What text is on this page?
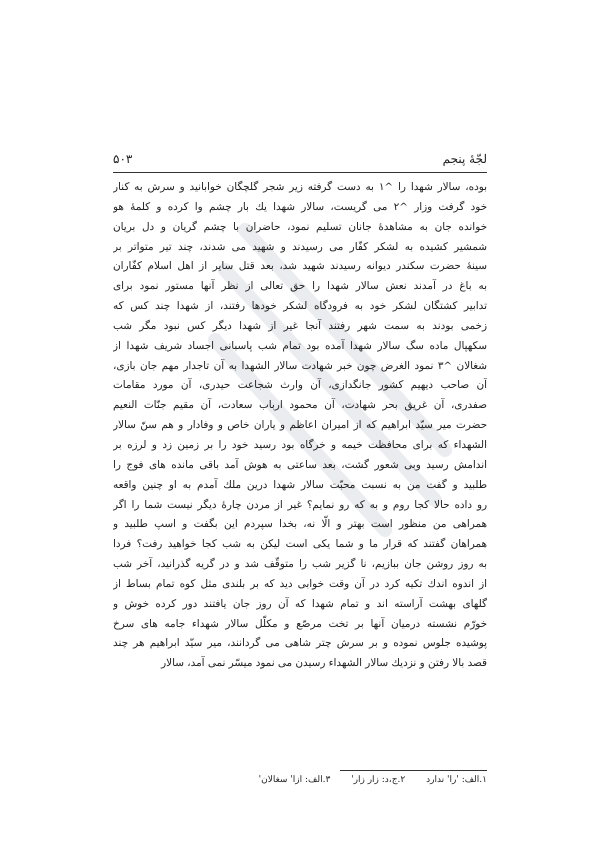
لجّهٔ پنجم
۵۰۳
بوده، سالار شهدا را ^١ به دست گرفته زیر شجر گلچگان خوابانید و سرش به کنار
خود گرفت وزار ^٢ می گریست، سالار شهدا یك بار چشم وا کرده و کلمهٔ هو
خوانده جان به مشاهدهٔ جانان تسلیم نمود، حاضران با چشم گریان و دل بریان
شمشیر کشیده به لشکر کفّار می رسیدند و شهید می شدند، چند تیر متواتر بر
سینهٔ حضرت سکندر دیوانه رسیدند شهید شد، بعد قتل سایر از اهل اسلام کفّاران
به باغ در آمدند نعش سالار شهدا را حق تعالی از نظر آنها مستور نمود برای
تدابیر کشتگان لشکر خود به فرودگاه لشکر خودها رفتند، از شهدا چند کس که
زخمی بودند به سمت شهر رفتند آنجا غیر از شهدا دیگر کس نبود مگر شب
سکهپال ماده سگ سالار شهدا آمده بود تمام شب پاسبانی اجساد شریف شهدا از
شغالان ^٣ نمود الغرض چون خبر شهادت سالار الشهدا به آن تاجدار مهم جان بازی،
آن صاحب دیهیم کشور جانگدازی، آن وارث شجاعت حیدری، آن مورد مقامات
صفدری، آن غریق بحر شهادت، آن محمود ارباب سعادت، آن مقیم جنّات النعیم
حضرت میر سیّد ابراهیم که از امیران اعاظم و یاران خاص و وفادار و هم سنّ سالار
الشهداء که برای محافظت خیمه و خرگاه بود رسید خود را بر زمین زد و لرزه بر
اندامش رسید وبی شعور گشت، بعد ساعتی به هوش آمد باقی مانده های فوج را
طلبید و گفت من به نسبت محبّت سالار شهدا درین ملك آمدم به او چنین واقعه
رو داده حالا کجا روم و به که رو نمایم؟ غیر از مردن چارهٔ دیگر نیست شما را اگر
همراهی من منظور است بهتر و الّا نه، بخدا سپردم این بگفت و اسپ طلبید و
همراهان گفتند که قرار ما و شما یکی است لیکن به شب کجا خواهید رفت؟ فردا
به روز روشن جان ببازیم، نا گزیر شب را متوقّف شد و در گریه گذرانید، آخر شب
از اندوه اندك تکیه کرد در آن وقت خوابی دید که بر بلندی مثل کوه تمام بساط از
گلهای بهشت آراسته اند و تمام شهدا که آن روز جان یافتند دور کرده خوش و
خورّم نشسته درمیان آنها بر تخت مرصّع و مکلّل سالار شهداء جامه های سرخ
پوشیده جلوس نموده و بر سرش چتر شاهی می گردانند، میر سیّد ابراهیم هر چند
قصد بالا رفتن و نزدیك سالار الشهداء رسیدن می نمود میسّر نمی آمد، سالار
١.الف: 'را' ندارد ٢.ج،د: زار زار' ٣.الف: ازا' سغالان'
